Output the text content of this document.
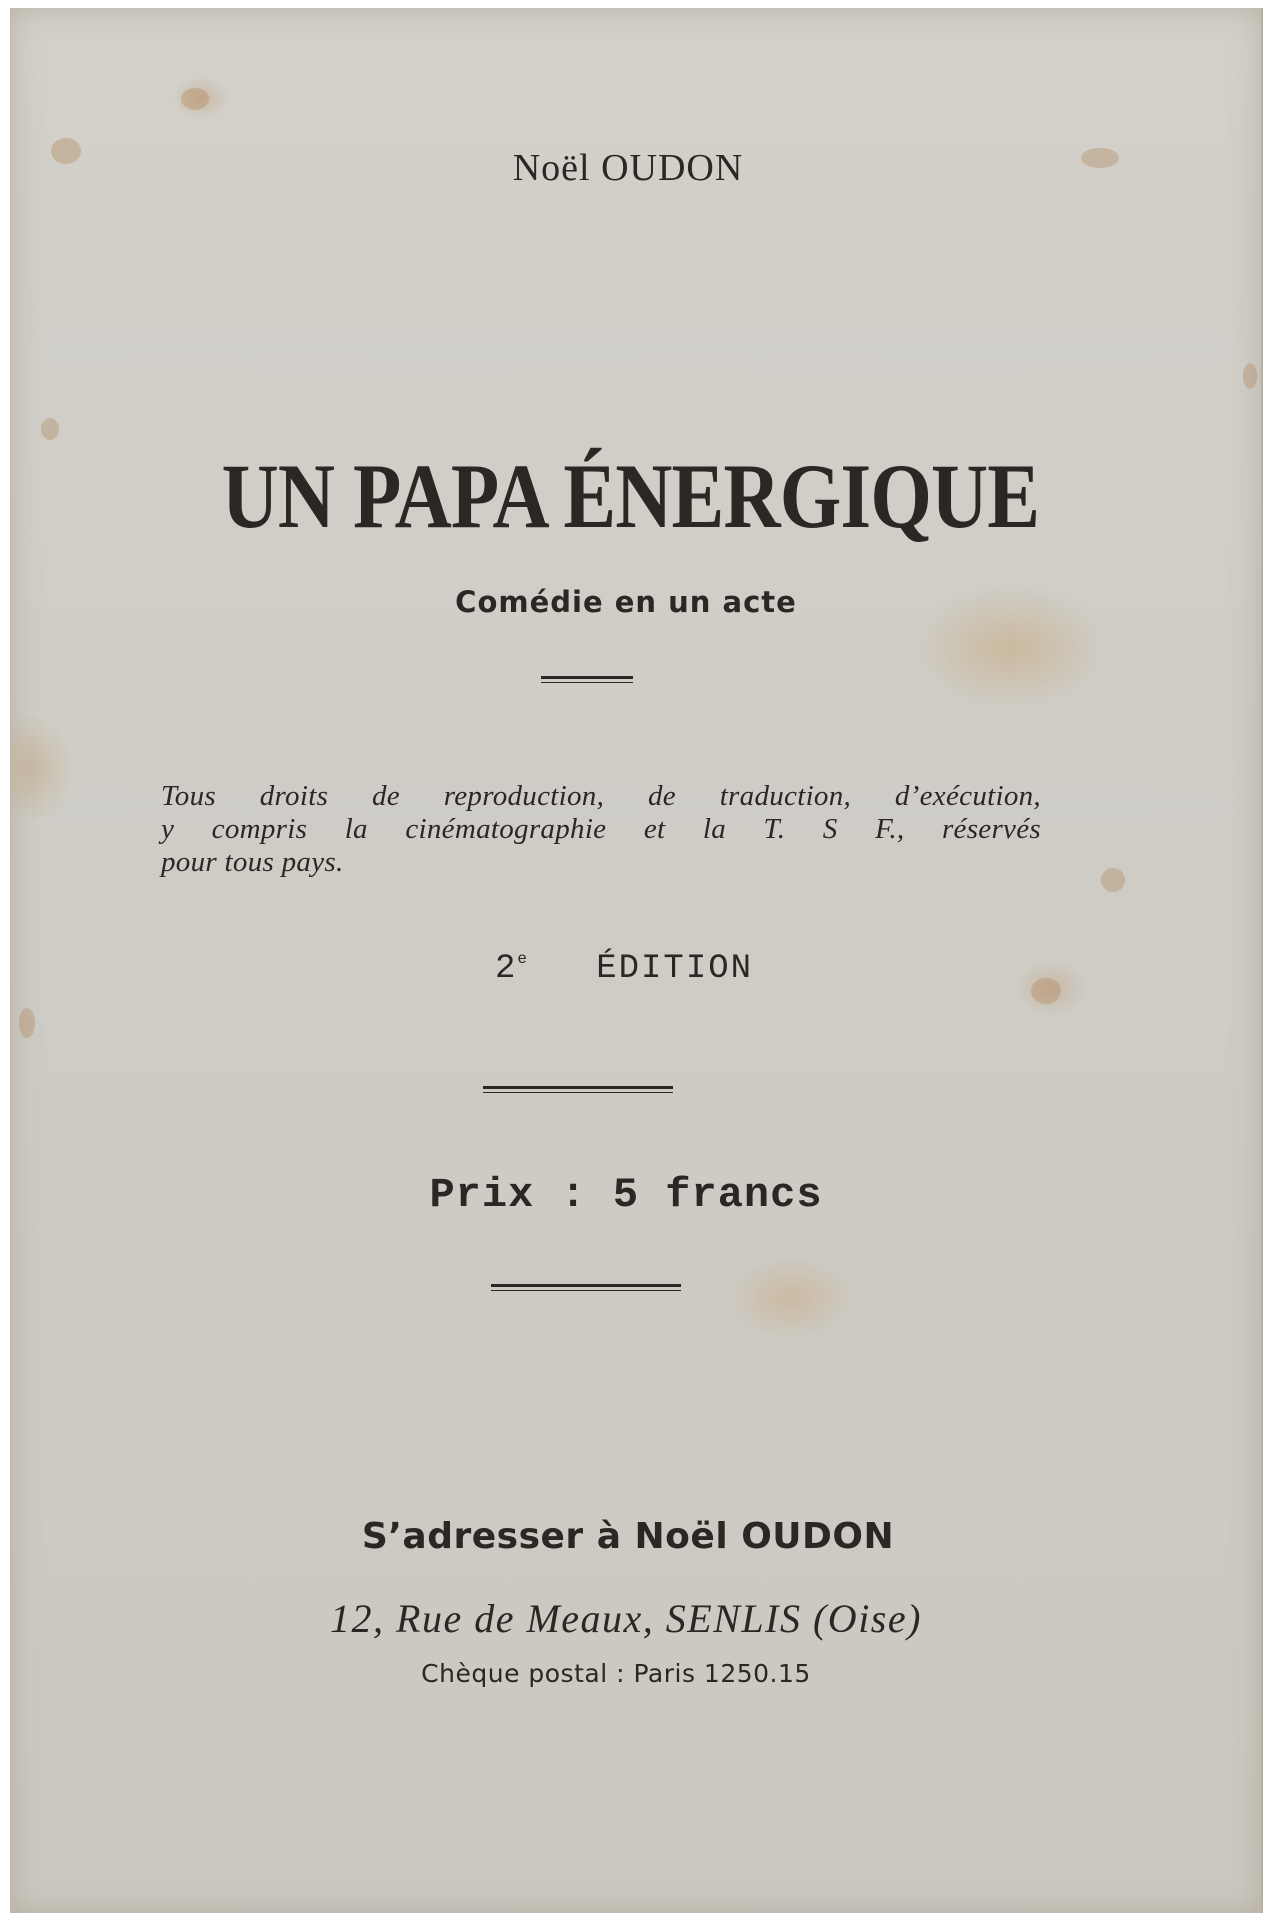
Noël OUDON
UN PAPA ÉNERGIQUE
Comédie en un acte
Tous droits de reproduction, de traduction, d’exécution,
y compris la cinématographie et la T. S F., réservés
pour tous pays.
2e ÉDITION
Prix : 5 francs
S’adresser à Noël OUDON
12, Rue de Meaux, SENLIS (Oise)
Chèque postal : Paris 1250.15
